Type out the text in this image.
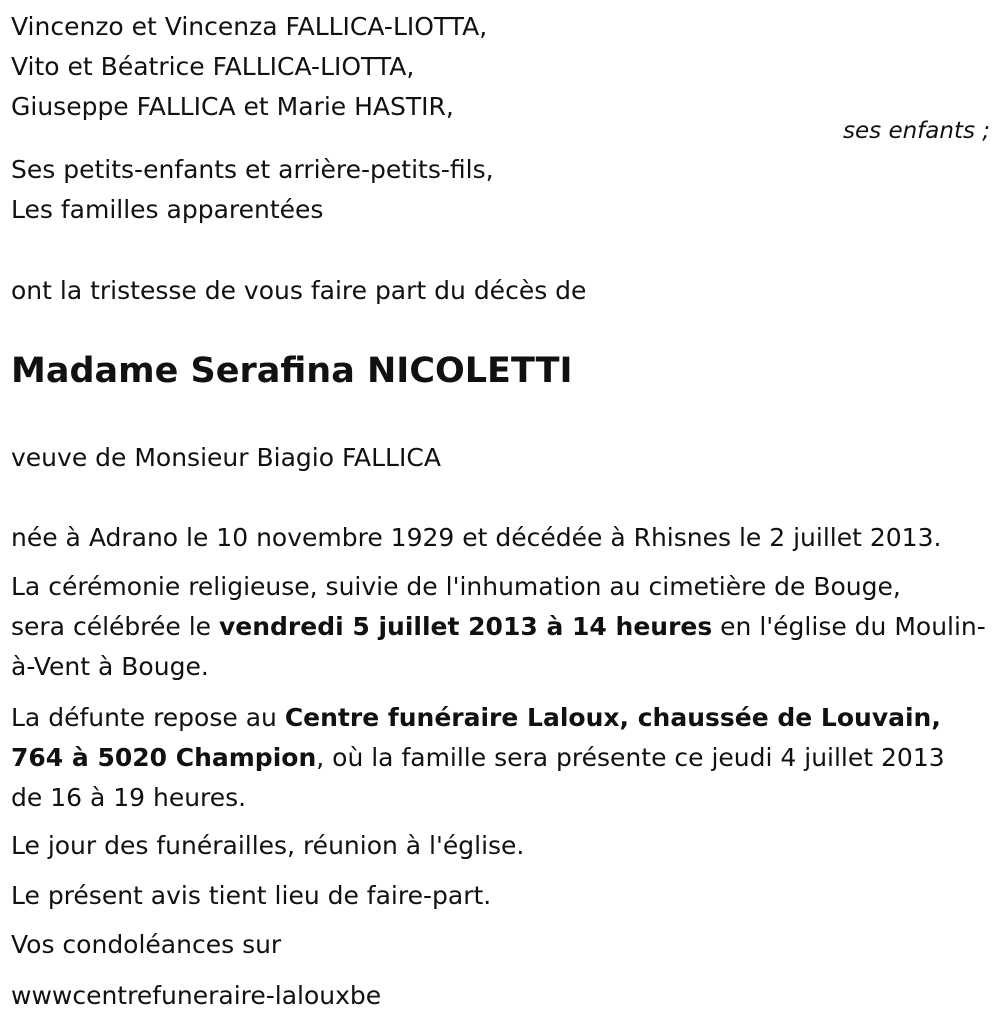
Vincenzo et Vincenza FALLICA-LIOTTA,
Vito et Béatrice FALLICA-LIOTTA,
Giuseppe FALLICA et Marie HASTIR,
ses enfants ;
Ses petits-enfants et arrière-petits-fils,
Les familles apparentées
ont la tristesse de vous faire part du décès de
Madame Serafina NICOLETTI
veuve de Monsieur Biagio FALLICA
née à Adrano le 10 novembre 1929 et décédée à Rhisnes le 2 juillet 2013.
La cérémonie religieuse, suivie de l'inhumation au cimetière de Bouge,
sera célébrée le vendredi 5 juillet 2013 à 14 heures en l'église du Moulin-
à-Vent à Bouge.
La défunte repose au Centre funéraire Laloux, chaussée de Louvain,
764 à 5020 Champion, où la famille sera présente ce jeudi 4 juillet 2013
de 16 à 19 heures.
Le jour des funérailles, réunion à l'église.
Le présent avis tient lieu de faire-part.
Vos condoléances sur
wwwcentrefuneraire-lalouxbe
